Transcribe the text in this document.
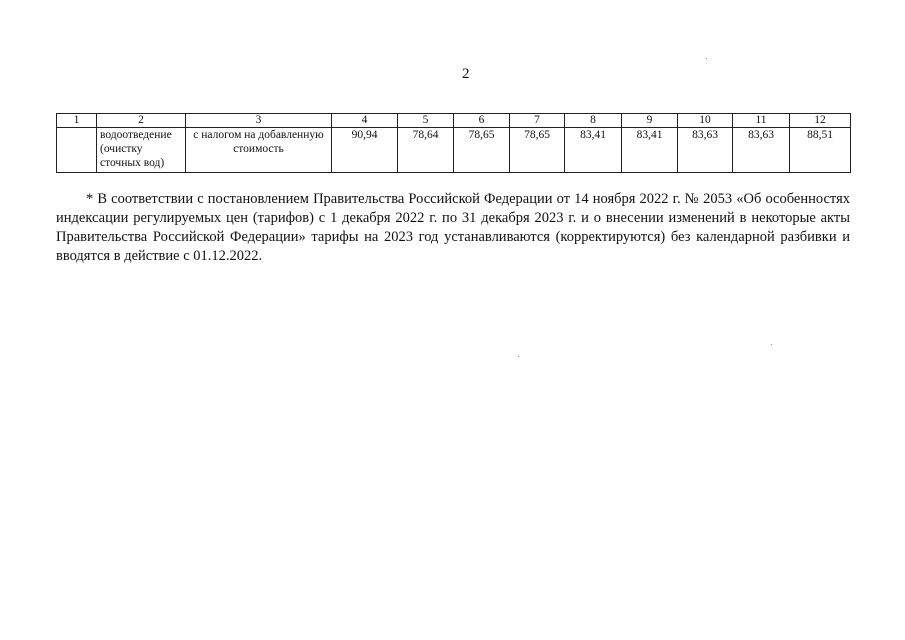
2
1	2	3	4	5	6	7	8	9	10	11	12
	водоотведение (очистку сточных вод)	с налогом на добавленную стоимость	90,94	78,64	78,65	78,65	83,41	83,41	83,63	83,63	88,51

* В соответствии с постановлением Правительства Российской Федерации от 14 ноября 2022 г. № 2053 «Об особенностях индексации регулируемых цен (тарифов) с 1 декабря 2022 г. по 31 декабря 2023 г. и о внесении изменений в некоторые акты Правительства Российской Федерации» тарифы на 2023 год устанавливаются (корректируются) без календарной разбивки и вводятся в действие с 01.12.2022.
